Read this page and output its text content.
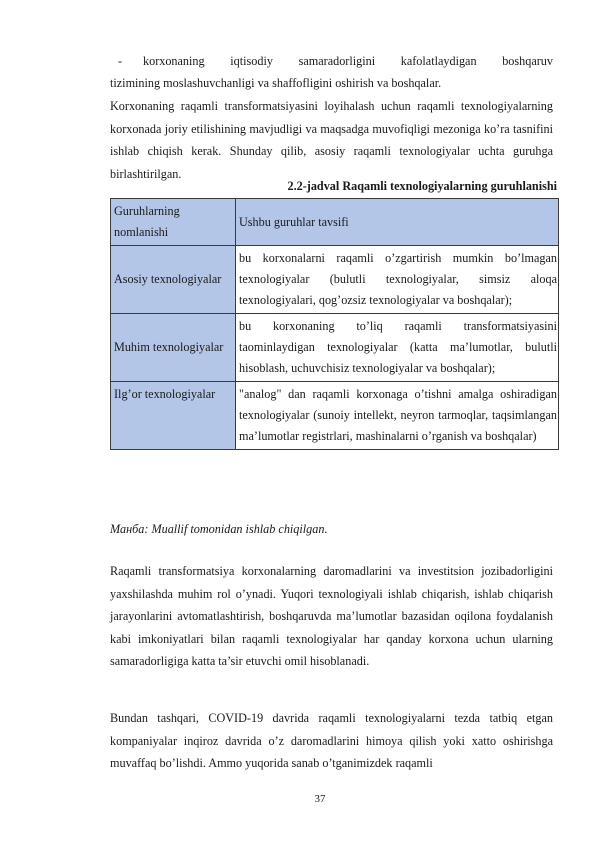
- korxonaning iqtisodiy samaradorligini kafolatlaydigan boshqaruv
tizimining moslashuvchanligi va shaffofligini oshirish va boshqalar.
Korxonaning raqamli transformatsiyasini loyihalash uchun raqamli texnologiyalarning korxonada joriy etilishining mavjudligi va maqsadga muvofiqligi mezoniga ko’ra tasnifini ishlab chiqish kerak. Shunday qilib, asosiy raqamli texnologiyalar uchta guruhga birlashtirilgan.
2.2-jadval Raqamli texnologiyalarning guruhlanishi
Guruhlarning nomlanishi	Ushbu guruhlar tavsifi
Asosiy texnologiyalar	bu korxonalarni raqamli o’zgartirish mumkin bo’lmagan texnologiyalar (bulutli texnologiyalar, simsiz aloqa texnologiyalari, qog’ozsiz texnologiyalar va boshqalar);
Muhim texnologiyalar	bu korxonaning to’liq raqamli transformatsiyasini taominlaydigan texnologiyalar (katta ma’lumotlar, bulutli hisoblash, uchuvchisiz texnologiyalar va boshqalar);
Ilg’or texnologiyalar	"analog" dan raqamli korxonaga o’tishni amalga oshiradigan texnologiyalar (sunoiy intellekt, neyron tarmoqlar, taqsimlangan ma’lumotlar registrlari, mashinalarni o’rganish va boshqalar)
Манба: Muallif tomonidan ishlab chiqilgan.
Raqamli transformatsiya korxonalarning daromadlarini va investitsion jozibadorligini yaxshilashda muhim rol o’ynadi. Yuqori texnologiyali ishlab chiqarish, ishlab chiqarish jarayonlarini avtomatlashtirish, boshqaruvda ma’lumotlar bazasidan oqilona foydalanish kabi imkoniyatlari bilan raqamli texnologiyalar har qanday korxona uchun ularning samaradorligiga katta ta’sir etuvchi omil hisoblanadi.
Bundan tashqari, COVID-19 davrida raqamli texnologiyalarni tezda tatbiq etgan kompaniyalar inqiroz davrida o’z daromadlarini himoya qilish yoki xatto oshirishga muvaffaq bo’lishdi. Ammo yuqorida sanab o’tganimizdek raqamli
37
